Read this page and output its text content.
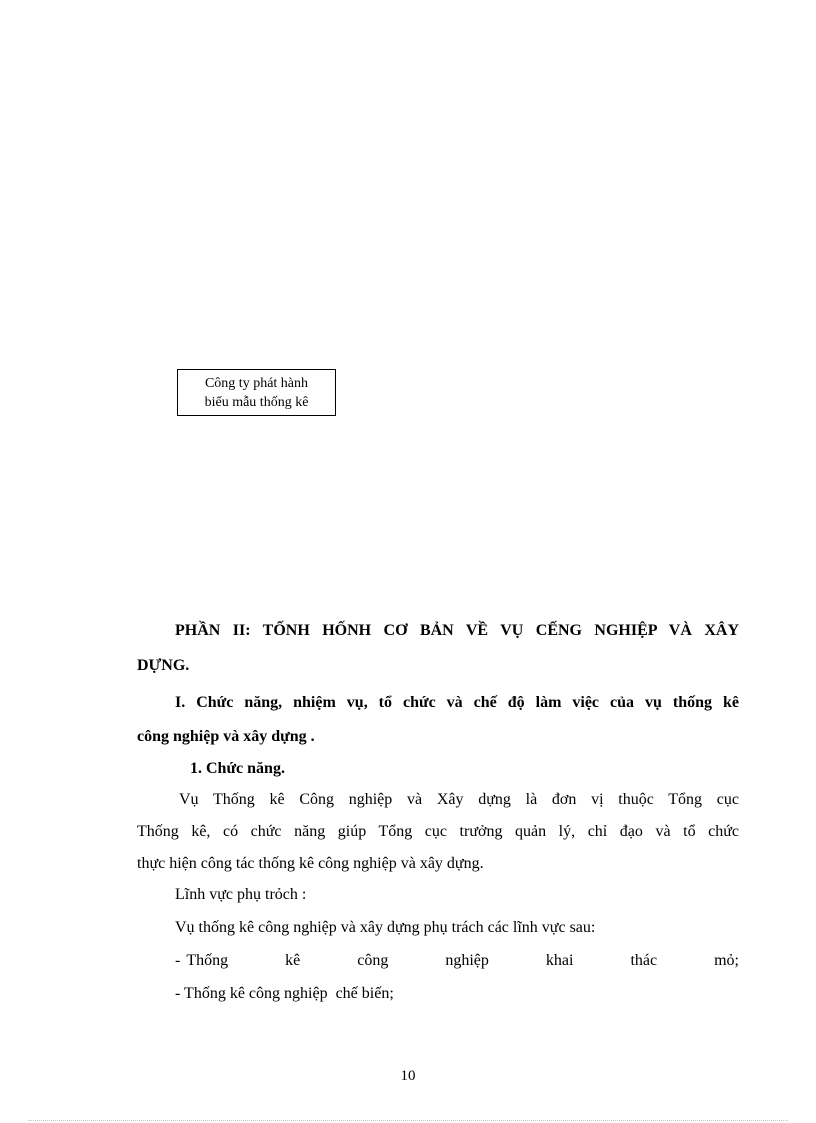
Công ty phát hành
biểu mẫu thống kê
PHẦN II: TỐNH HỐNH CƠ BẢN VỀ VỤ CẾNG NGHIỆP VÀ XÂY
DỰNG.
I. Chức năng, nhiệm vụ, tổ chức và chế độ làm việc của vụ thống kê
công nghiệp và xây dựng .
1. Chức năng.
Vụ Thống kê Công nghiệp và Xây dựng là đơn vị thuộc Tổng cục
Thống kê, có chức năng giúp Tổng cục trưởng quản lý, chỉ đạo và tổ chức
thực hiện công tác thống kê công nghiệp và xây dựng.
Lĩnh vực phụ trỏch :
Vụ thống kê công nghiệp và xây dựng phụ trách các lĩnh vực sau:
- Thống         kê         công         nghiệp         khai         thác         mỏ;
- Thống kê công nghiệp  chế biến;
10
